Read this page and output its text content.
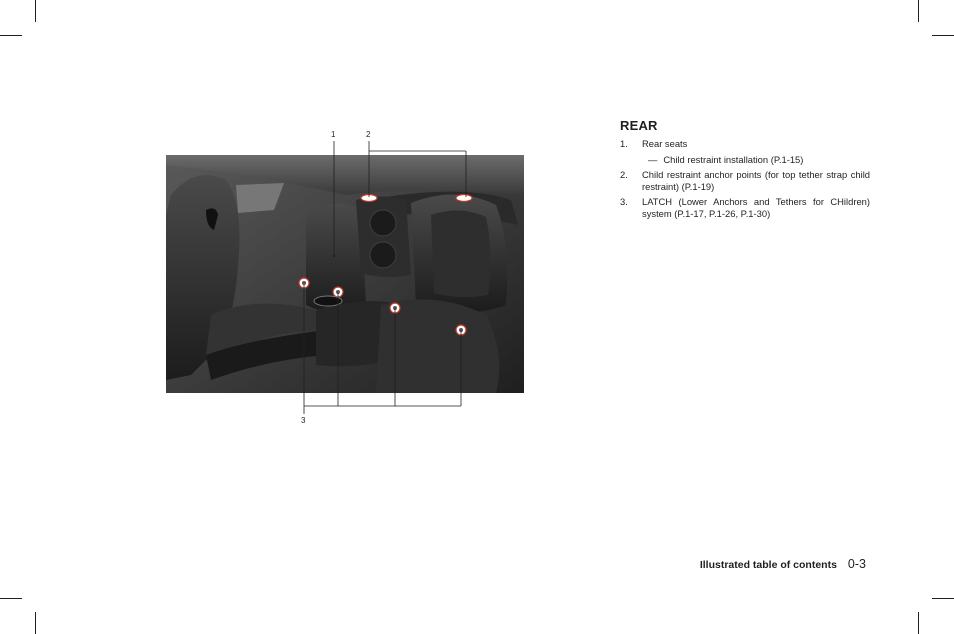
1	2
3
REAR
1.	Rear seats
— Child restraint installation (P.1-15)
2.	Child restraint anchor points (for top tether strap child restraint) (P.1-19)
3.	LATCH (Lower Anchors and Tethers for CHildren) system (P.1-17, P.1-26, P.1-30)
Illustrated table of contents 0-3
